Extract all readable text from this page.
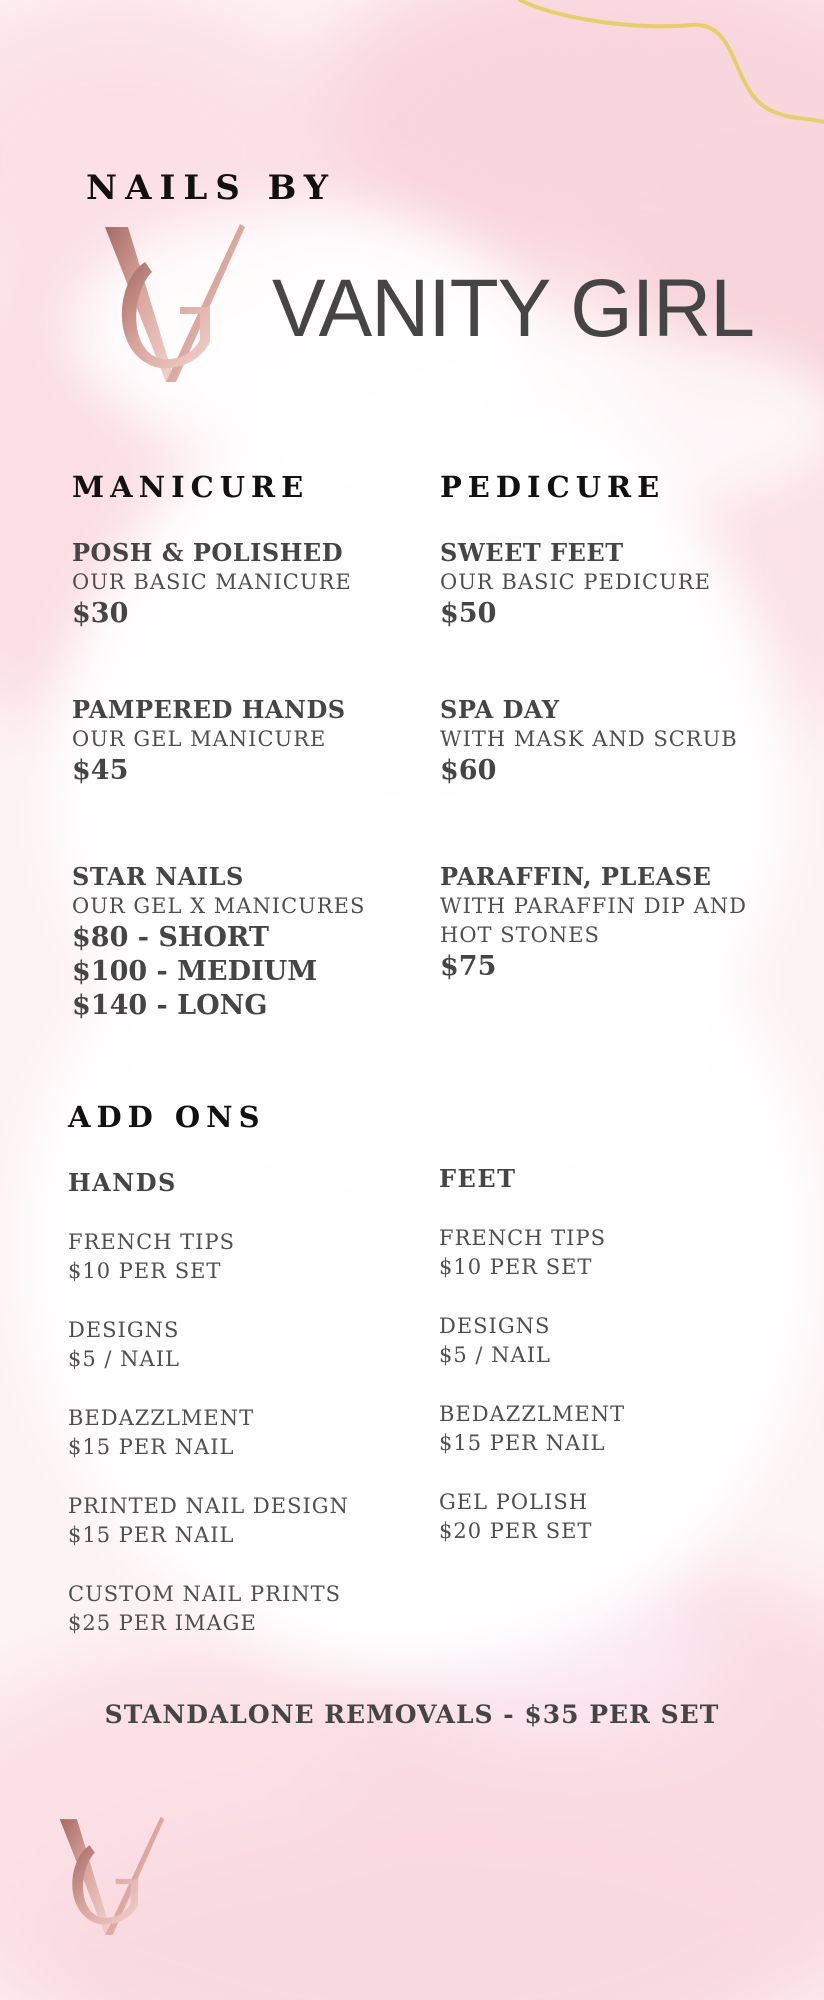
NAILS BY
VANITY GIRL
MANICURE
POSH & POLISHED
OUR BASIC MANICURE
$30
PAMPERED HANDS
OUR GEL MANICURE
$45
STAR NAILS
OUR GEL X MANICURES
$80 - SHORT
$100 - MEDIUM
$140 - LONG
PEDICURE
SWEET FEET
OUR BASIC PEDICURE
$50
SPA DAY
WITH MASK AND SCRUB
$60
PARAFFIN, PLEASE
WITH PARAFFIN DIP AND
HOT STONES
$75
ADD ONS
HANDS	FEET
FRENCH TIPS
$10 PER SET
DESIGNS
$5 / NAIL
BEDAZZLMENT
$15 PER NAIL
PRINTED NAIL DESIGN
$15 PER NAIL
CUSTOM NAIL PRINTS
$25 PER IMAGE
FRENCH TIPS
$10 PER SET
DESIGNS
$5 / NAIL
BEDAZZLMENT
$15 PER NAIL
GEL POLISH
$20 PER SET
STANDALONE REMOVALS - $35 PER SET
